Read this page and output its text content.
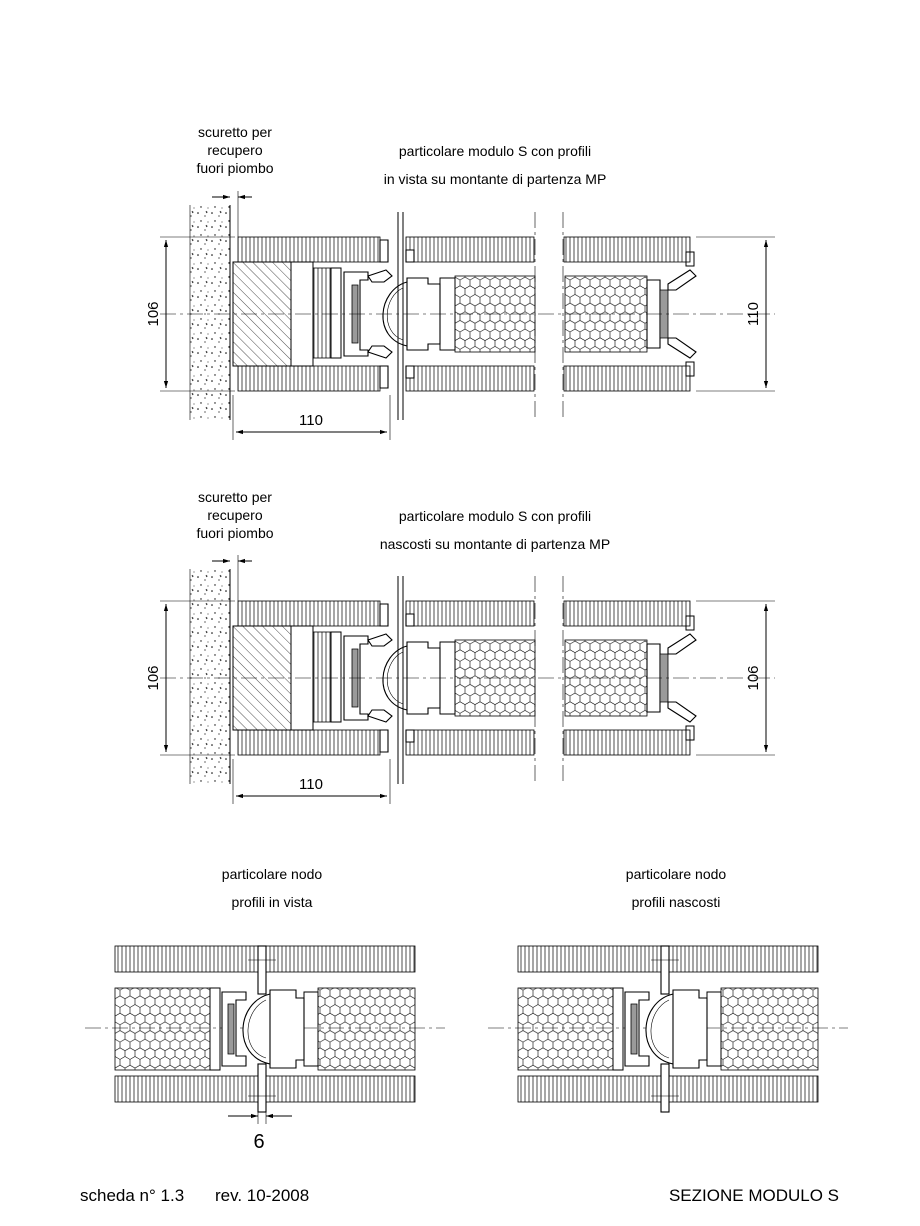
scuretto per
recupero
fuori piombo
particolare modulo S con profili
in vista su montante di partenza MP
106	110
110
scuretto per
recupero
fuori piombo
particolare modulo S con profili
nascosti su montante di partenza MP
106	106
110
particolare nodo
profili in vista
6
particolare nodo
profili nascosti
scheda n° 1.3 rev. 10-2008	SEZIONE MODULO S
